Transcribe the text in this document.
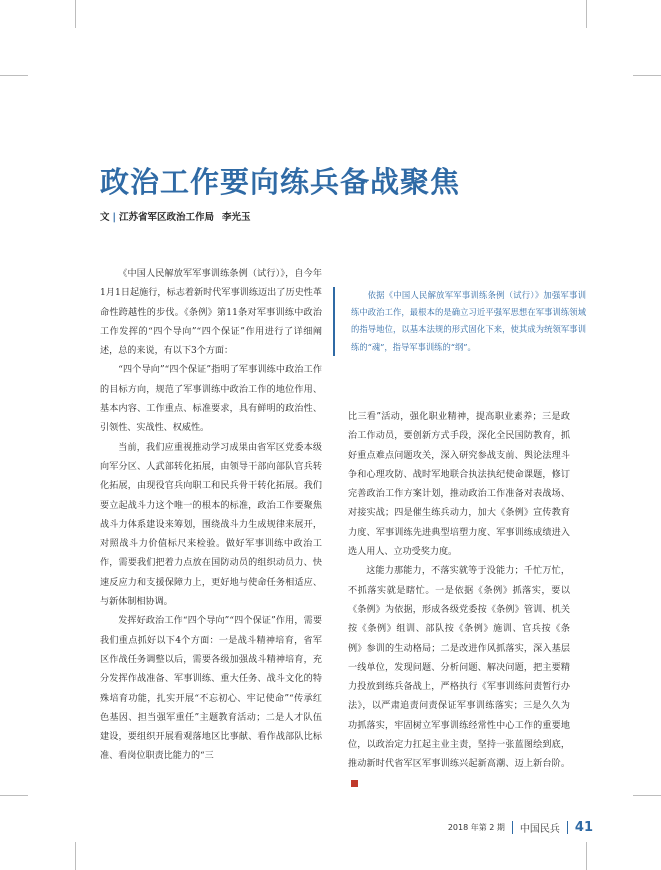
政治工作要向练兵备战聚焦
文 | 江苏省军区政治工作局 李光玉

《中国人民解放军军事训练条例（试行）》，自今年1月1日起施行，标志着新时代军事训练迈出了历史性革命性跨越性的步伐。《条例》第11条对军事训练中政治工作发挥的“四个导向”“四个保证”作用进行了详细阐述，总的来说，有以下3个方面：

“四个导向”“四个保证”指明了军事训练中政治工作的目标方向，规范了军事训练中政治工作的地位作用、基本内容、工作重点、标准要求，具有鲜明的政治性、引领性、实战性、权威性。

当前，我们应重视推动学习成果由省军区党委本级向军分区、人武部转化拓展，由领导干部向部队官兵转化拓展，由现役官兵向职工和民兵骨干转化拓展。我们要立起战斗力这个唯一的根本的标准，政治工作要聚焦战斗力体系建设来筹划，围绕战斗力生成规律来展开，对照战斗力价值标尺来检验。做好军事训练中政治工作，需要我们把着力点放在国防动员的组织动员力、快速反应力和支援保障力上，更好地与使命任务相适应、与新体制相协调。

发挥好政治工作“四个导向”“四个保证”作用，需要我们重点抓好以下4个方面：一是战斗精神培育，省军区作战任务调整以后，需要各级加强战斗精神培育，充分发挥作战准备、军事训练、重大任务、战斗文化的特殊培育功能，扎实开展“不忘初心、牢记使命”“传承红色基因、担当强军重任”主题教育活动；二是人才队伍建设，要组织开展看观落地区比事献、看作战部队比标准、看岗位职责比能力的“三

依据《中国人民解放军军事训练条例（试行）》加强军事训练中政治工作，最根本的是确立习近平强军思想在军事训练领域的指导地位，以基本法规的形式固化下来，使其成为统领军事训练的“魂”，指导军事训练的“纲”。

比三看”活动，强化职业精神，提高职业素养；三是政治工作动员，要创新方式手段，深化全民国防教育，抓好重点难点问题攻关，深入研究参战支前、舆论法理斗争和心理攻防、战时军地联合执法执纪使命课题，修订完善政治工作方案计划，推动政治工作准备对表战场、对接实战；四是催生练兵动力，加大《条例》宣传教育力度、军事训练先进典型培塑力度、军事训练成绩进入选人用人、立功受奖力度。

这能力那能力，不落实就等于没能力；千忙万忙，不抓落实就是瞎忙。一是依据《条例》抓落实，要以《条例》为依据，形成各级党委按《条例》管训、机关按《条例》组训、部队按《条例》施训、官兵按《条例》参训的生动格局；二是改进作风抓落实，深入基层一线单位，发现问题、分析问题、解决问题，把主要精力投放到练兵备战上，严格执行《军事训练问责暂行办法》，以严肃追责问责保证军事训练落实；三是久久为功抓落实，牢固树立军事训练经常性中心工作的重要地位，以政治定力扛起主业主责，坚持一张蓝图绘到底，推动新时代省军区军事训练兴起新高潮、迈上新台阶。

2018 年第 2 期 中国民兵 41
